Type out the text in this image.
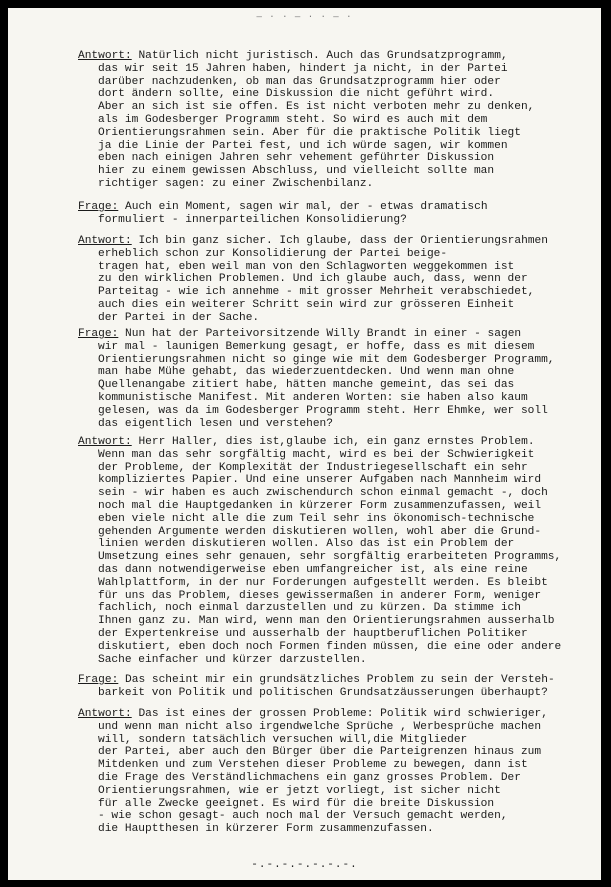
— · · — · · — ·
Antwort: Natürlich nicht juristisch. Auch das Grundsatzprogramm,
das wir seit 15 Jahren haben, hindert ja nicht, in der Partei
darüber nachzudenken, ob man das Grundsatzprogramm hier oder
dort ändern sollte, eine Diskussion die nicht geführt wird.
Aber an sich ist sie offen. Es ist nicht verboten mehr zu denken,
als im Godesberger Programm steht. So wird es auch mit dem
Orientierungsrahmen sein. Aber für die praktische Politik liegt
ja die Linie der Partei fest, und ich würde sagen, wir kommen
eben nach einigen Jahren sehr vehement geführter Diskussion
hier zu einem gewissen Abschluss, und vielleicht sollte man
richtiger sagen: zu einer Zwischenbilanz.
Frage: Auch ein Moment, sagen wir mal, der - etwas dramatisch
formuliert - innerparteilichen Konsolidierung?
Antwort: Ich bin ganz sicher. Ich glaube, dass der Orientierungsrahmen
erheblich schon zur Konsolidierung der Partei beige-
tragen hat, eben weil man von den Schlagworten weggekommen ist
zu den wirklichen Problemen. Und ich glaube auch, dass, wenn der
Parteitag - wie ich annehme - mit grosser Mehrheit verabschiedet,
auch dies ein weiterer Schritt sein wird zur grösseren Einheit
der Partei in der Sache.
Frage: Nun hat der Parteivorsitzende Willy Brandt in einer - sagen
wir mal - launigen Bemerkung gesagt, er hoffe, dass es mit diesem
Orientierungsrahmen nicht so ginge wie mit dem Godesberger Programm,
man habe Mühe gehabt, das wiederzuentdecken. Und wenn man ohne
Quellenangabe zitiert habe, hätten manche gemeint, das sei das
kommunistische Manifest. Mit anderen Worten: sie haben also kaum
gelesen, was da im Godesberger Programm steht. Herr Ehmke, wer soll
das eigentlich lesen und verstehen?
Antwort: Herr Haller, dies ist,glaube ich, ein ganz ernstes Problem.
Wenn man das sehr sorgfältig macht, wird es bei der Schwierigkeit
der Probleme, der Komplexität der Industriegesellschaft ein sehr
kompliziertes Papier. Und eine unserer Aufgaben nach Mannheim wird
sein - wir haben es auch zwischendurch schon einmal gemacht -, doch
noch mal die Hauptgedanken in kürzerer Form zusammenzufassen, weil
eben viele nicht alle die zum Teil sehr ins ökonomisch-technische
gehenden Argumente werden diskutieren wollen, wohl aber die Grund-
linien werden diskutieren wollen. Also das ist ein Problem der
Umsetzung eines sehr genauen, sehr sorgfältig erarbeiteten Programms,
das dann notwendigerweise eben umfangreicher ist, als eine reine
Wahlplattform, in der nur Forderungen aufgestellt werden. Es bleibt
für uns das Problem, dieses gewissermaßen in anderer Form, weniger
fachlich, noch einmal darzustellen und zu kürzen. Da stimme ich
Ihnen ganz zu. Man wird, wenn man den Orientierungsrahmen ausserhalb
der Expertenkreise und ausserhalb der hauptberuflichen Politiker
diskutiert, eben doch noch Formen finden müssen, die eine oder andere
Sache einfacher und kürzer darzustellen.
Frage: Das scheint mir ein grundsätzliches Problem zu sein der Versteh-
barkeit von Politik und politischen Grundsatzäusserungen überhaupt?
Antwort: Das ist eines der grossen Probleme: Politik wird schwieriger,
und wenn man nicht also irgendwelche Sprüche , Werbesprüche machen
will, sondern tatsächlich versuchen will,die Mitglieder
der Partei, aber auch den Bürger über die Parteigrenzen hinaus zum
Mitdenken und zum Verstehen dieser Probleme zu bewegen, dann ist
die Frage des Verständlichmachens ein ganz grosses Problem. Der
Orientierungsrahmen, wie er jetzt vorliegt, ist sicher nicht
für alle Zwecke geeignet. Es wird für die breite Diskussion
- wie schon gesagt- auch noch mal der Versuch gemacht werden,
die Hauptthesen in kürzerer Form zusammenzufassen.
-.-.-.-.-.-.-.
